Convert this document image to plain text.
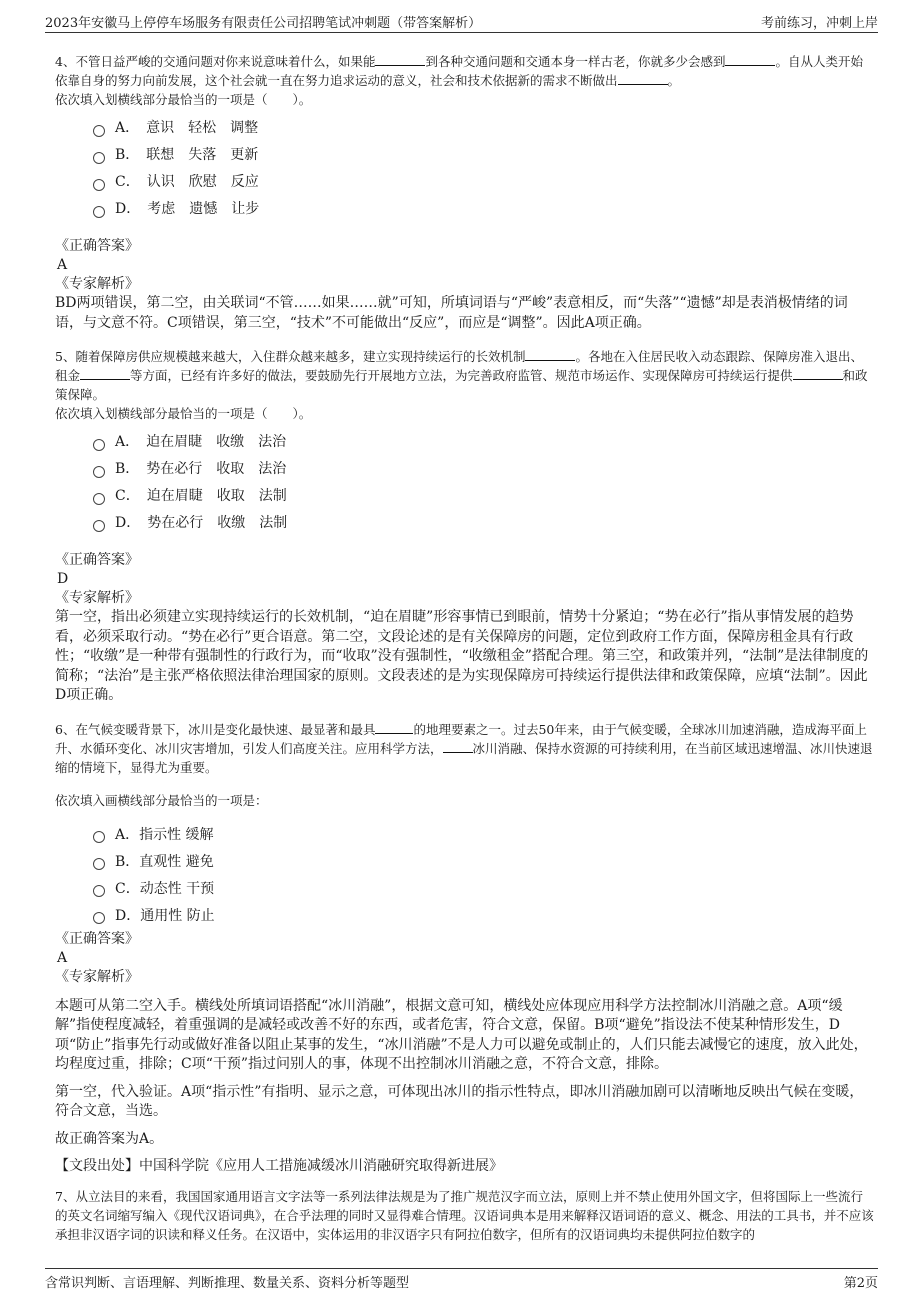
2023年安徽马上停停车场服务有限责任公司招聘笔试冲刺题（带答案解析）	考前练习，冲刺上岸

4、不管日益严峻的交通问题对你来说意味着什么，如果能	到各种交通问题和交通本身一样古老，你就多少会感到	。自从人类开始依靠自身的努力向前发展，这个社会就一直在努力追求运动的意义，社会和技术依据新的需求不断做出	。

依次填入划横线部分最恰当的一项是（　　）。

A．　意识　轻松　调整
B．　联想　失落　更新
C．　认识　欣慰　反应
D．　考虑　遗憾　让步

《正确答案》

A

《专家解析》

BD两项错误，第二空，由关联词“不管……如果……就”可知，所填词语与“严峻”表意相反，而“失落”“遗憾”却是表消极情绪的词语，与文意不符。C项错误，第三空，“技术”不可能做出“反应”，而应是“调整”。因此A项正确。

5、随着保障房供应规模越来越大，入住群众越来越多，建立实现持续运行的长效机制	。各地在入住居民收入动态跟踪、保障房准入退出、租金	等方面，已经有许多好的做法，要鼓励先行开展地方立法，为完善政府监管、规范市场运作、实现保障房可持续运行提供	和政策保障。

依次填入划横线部分最恰当的一项是（　　）。

A．　迫在眉睫　收缴　法治
B．　势在必行　收取　法治
C．　迫在眉睫　收取　法制
D．　势在必行　收缴　法制

《正确答案》

D

《专家解析》

第一空，指出必须建立实现持续运行的长效机制，“迫在眉睫”形容事情已到眼前，情势十分紧迫；“势在必行”指从事情发展的趋势看，必须采取行动。“势在必行”更合语意。第二空，文段论述的是有关保障房的问题，定位到政府工作方面，保障房租金具有行政性；“收缴”是一种带有强制性的行政行为，而“收取”没有强制性，“收缴租金”搭配合理。第三空，和政策并列，“法制”是法律制度的简称；“法治”是主张严格依照法律治理国家的原则。文段表述的是为实现保障房可持续运行提供法律和政策保障，应填“法制”。因此D项正确。

6、在气候变暖背景下，冰川是变化最快速、最显著和最具	的地理要素之一。过去50年来，由于气候变暖，全球冰川加速消融，造成海平面上升、水循环变化、冰川灾害增加，引发人们高度关注。应用科学方法， 冰川消融、保持水资源的可持续利用，在当前区域迅速增温、冰川快速退缩的情境下，显得尤为重要。

依次填入画横线部分最恰当的一项是：

A．指示性 缓解
B．直观性 避免
C．动态性 干预
D．通用性 防止

《正确答案》

A

《专家解析》

本题可从第二空入手。横线处所填词语搭配“冰川消融”，根据文意可知，横线处应体现应用科学方法控制冰川消融之意。A项“缓解”指使程度减轻，着重强调的是减轻或改善不好的东西，或者危害，符合文意，保留。B项“避免”指设法不使某种情形发生，D项“防止”指事先行动或做好准备以阻止某事的发生，“冰川消融”不是人力可以避免或制止的，人们只能去减慢它的速度，放入此处，均程度过重，排除；C项“干预”指过问别人的事，体现不出控制冰川消融之意，不符合文意，排除。

第一空，代入验证。A项“指示性”有指明、显示之意，可体现出冰川的指示性特点，即冰川消融加剧可以清晰地反映出气候在变暖，符合文意，当选。

故正确答案为A。

【文段出处】中国科学院《应用人工措施减缓冰川消融研究取得新进展》

7、从立法目的来看，我国国家通用语言文字法等一系列法律法规是为了推广规范汉字而立法，原则上并不禁止使用外国文字，但将国际上一些流行的英文名词缩写编入《现代汉语词典》，在合乎法理的同时又显得难合情理。汉语词典本是用来解释汉语词语的意义、概念、用法的工具书，并不应该承担非汉语字词的识读和释义任务。在汉语中，实体运用的非汉语字只有阿拉伯数字，但所有的汉语词典均未提供阿拉伯数字的

含常识判断、言语理解、判断推理、数量关系、资料分析等题型	第2页
